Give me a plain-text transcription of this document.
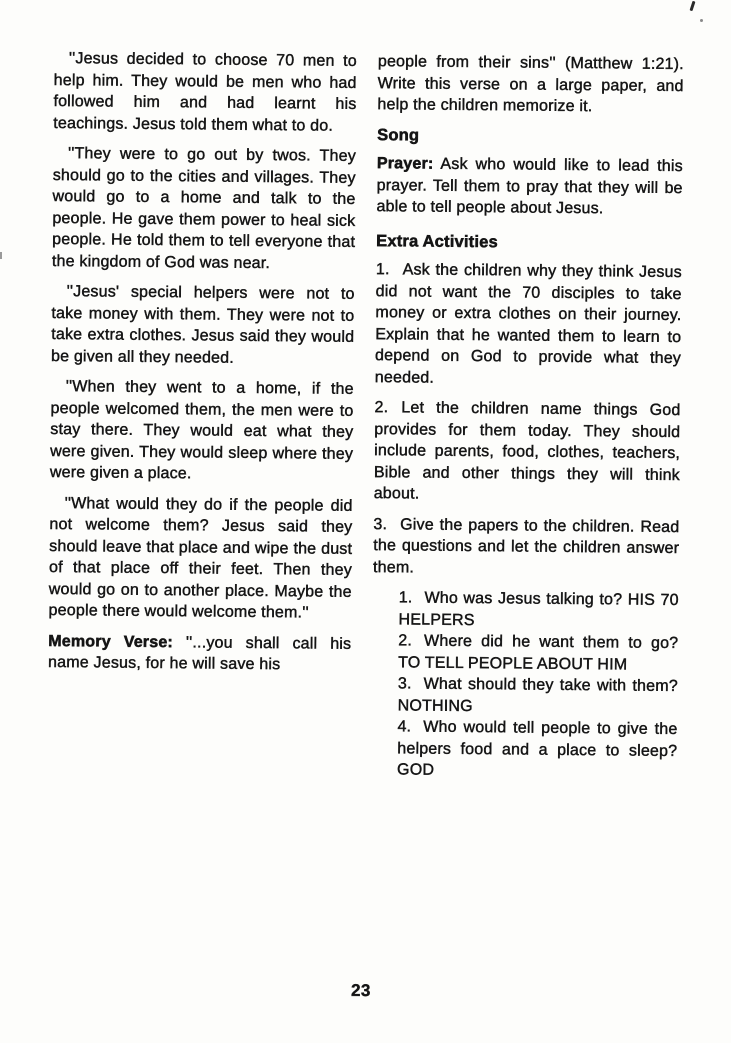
''Jesus decided to choose 70 men to help him. They would be men who had followed him and had learnt his teachings. Jesus told them what to do.

''They were to go out by twos. They should go to the cities and villages. They would go to a home and talk to the people. He gave them power to heal sick people. He told them to tell everyone that the kingdom of God was near.

''Jesus' special helpers were not to take money with them. They were not to take extra clothes. Jesus said they would be given all they needed.

''When they went to a home, if the people welcomed them, the men were to stay there. They would eat what they were given. They would sleep where they were given a place.

''What would they do if the people did not welcome them? Jesus said they should leave that place and wipe the dust of that place off their feet. Then they would go on to another place. Maybe the people there would welcome them.''

Memory Verse: ''...you shall call his name Jesus, for he will save his

people from their sins'' (Matthew 1:21). Write this verse on a large paper, and help the children memorize it.

Song

Prayer: Ask who would like to lead this prayer. Tell them to pray that they will be able to tell people about Jesus.

Extra Activities

1. Ask the children why they think Jesus did not want the 70 disciples to take money or extra clothes on their journey. Explain that he wanted them to learn to depend on God to provide what they needed.

2. Let the children name things God provides for them today. They should include parents, food, clothes, teachers, Bible and other things they will think about.

3. Give the papers to the children. Read the questions and let the children answer them.

1. Who was Jesus talking to? HIS 70 HELPERS

2. Where did he want them to go? TO TELL PEOPLE ABOUT HIM

3. What should they take with them? NOTHING

4. Who would tell people to give the helpers food and a place to sleep? GOD

23
